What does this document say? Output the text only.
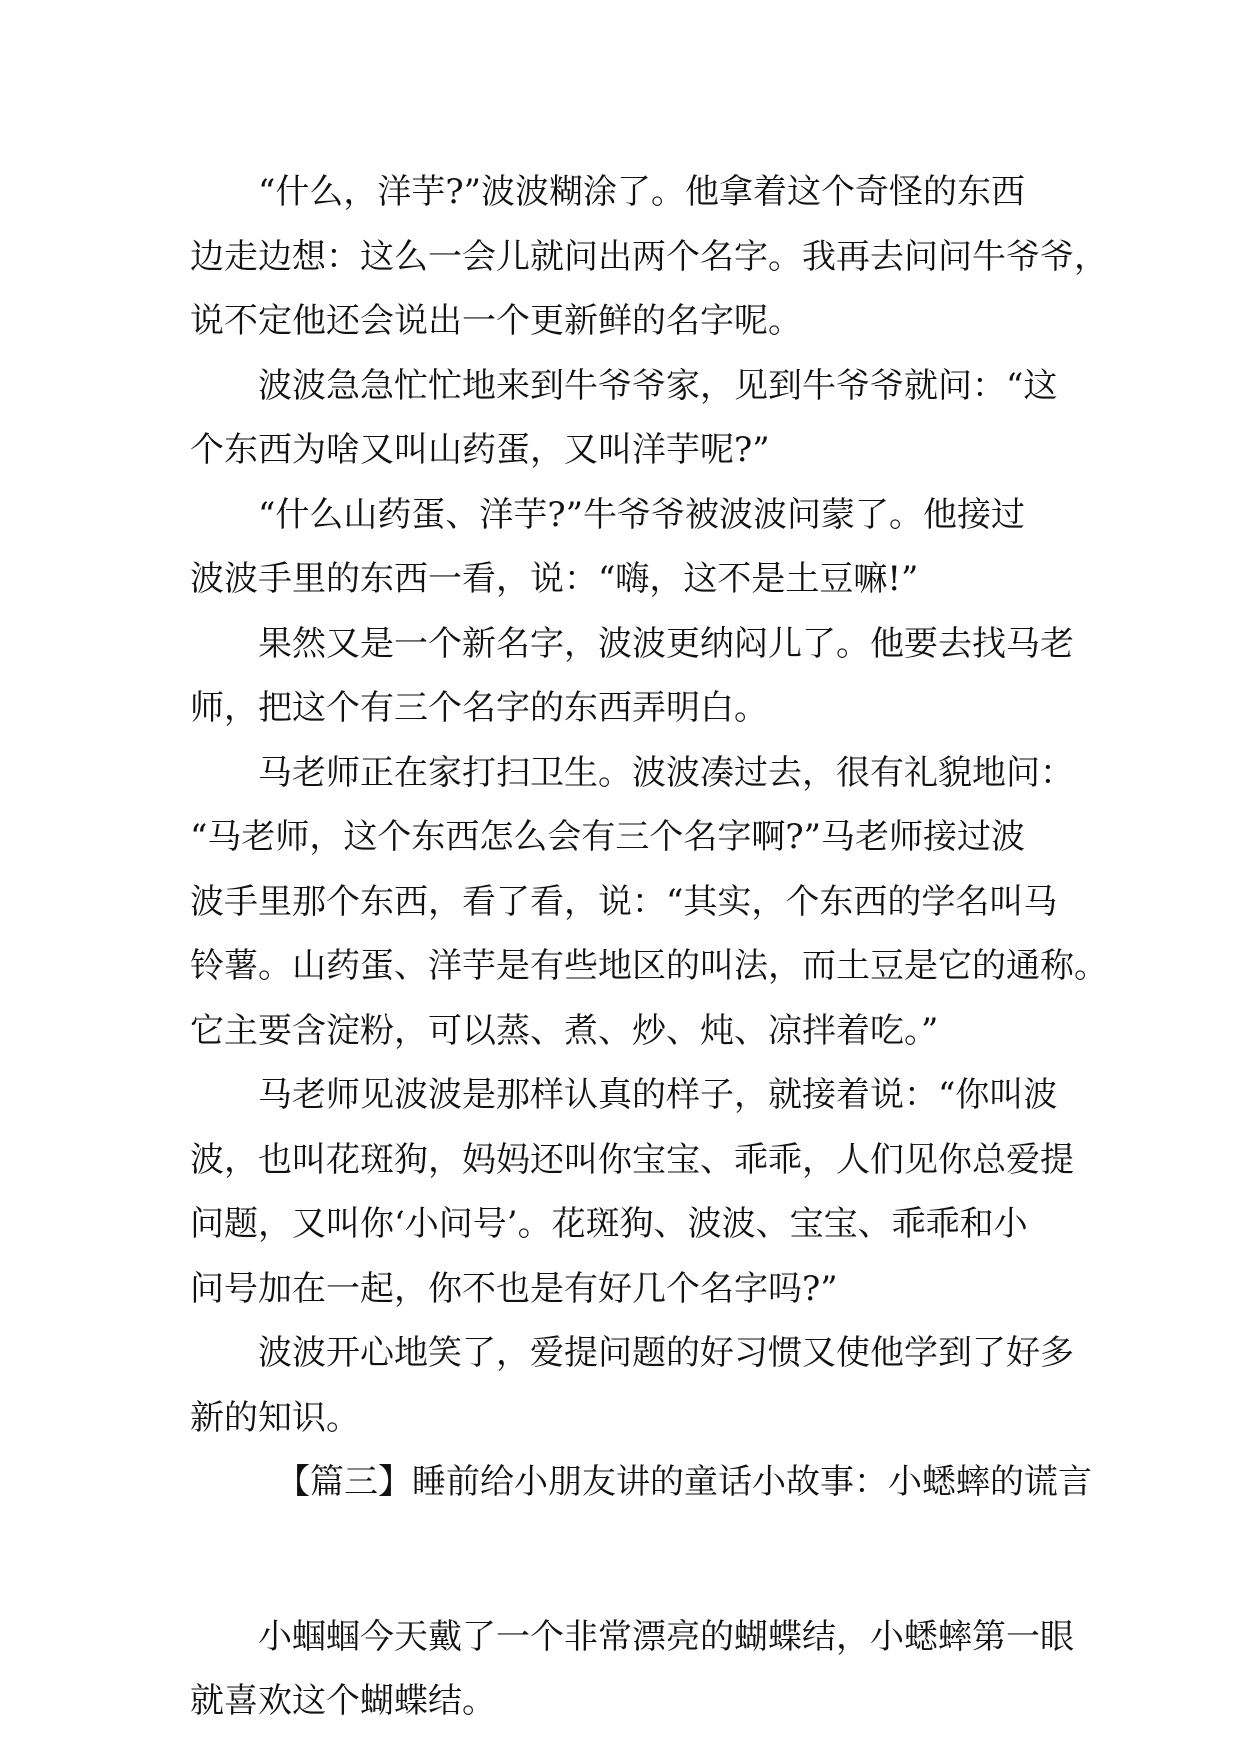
“什么，洋芋?”波波糊涂了。他拿着这个奇怪的东西
边走边想：这么一会儿就问出两个名字。我再去问问牛爷爷，
说不定他还会说出一个更新鲜的名字呢。
波波急急忙忙地来到牛爷爷家，见到牛爷爷就问：“这
个东西为啥又叫山药蛋，又叫洋芋呢?”
“什么山药蛋、洋芋?”牛爷爷被波波问蒙了。他接过
波波手里的东西一看，说：“嗨，这不是土豆嘛!”
果然又是一个新名字，波波更纳闷儿了。他要去找马老
师，把这个有三个名字的东西弄明白。
马老师正在家打扫卫生。波波凑过去，很有礼貌地问：
“马老师，这个东西怎么会有三个名字啊?”马老师接过波
波手里那个东西，看了看，说：“其实，个东西的学名叫马
铃薯。山药蛋、洋芋是有些地区的叫法，而土豆是它的通称。
它主要含淀粉，可以蒸、煮、炒、炖、凉拌着吃。”
马老师见波波是那样认真的样子，就接着说：“你叫波
波，也叫花斑狗，妈妈还叫你宝宝、乖乖，人们见你总爱提
问题，又叫你‘小问号’。花斑狗、波波、宝宝、乖乖和小
问号加在一起，你不也是有好几个名字吗?”
波波开心地笑了，爱提问题的好习惯又使他学到了好多
新的知识。
【篇三】睡前给小朋友讲的童话小故事：小蟋蟀的谎言
小蝈蝈今天戴了一个非常漂亮的蝴蝶结，小蟋蟀第一眼
就喜欢这个蝴蝶结。
